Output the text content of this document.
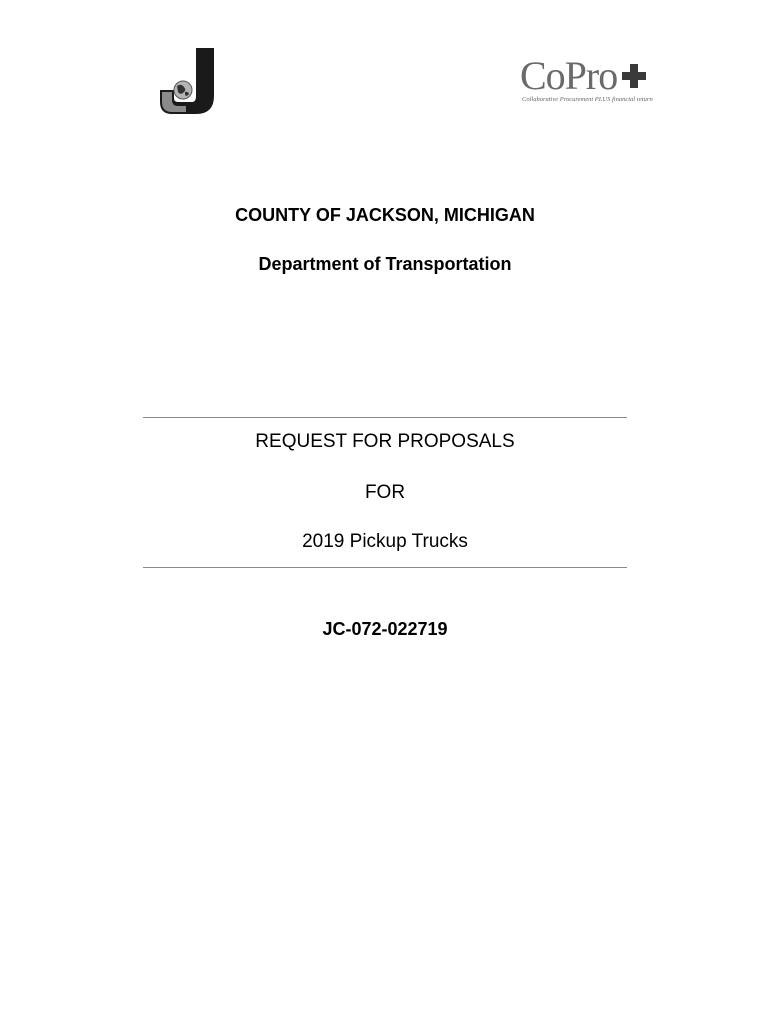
CoPro
Collaborative Procurement PLUS financial return
COUNTY OF JACKSON, MICHIGAN
Department of Transportation
REQUEST FOR PROPOSALS
FOR
2019 Pickup Trucks
JC-072-022719
